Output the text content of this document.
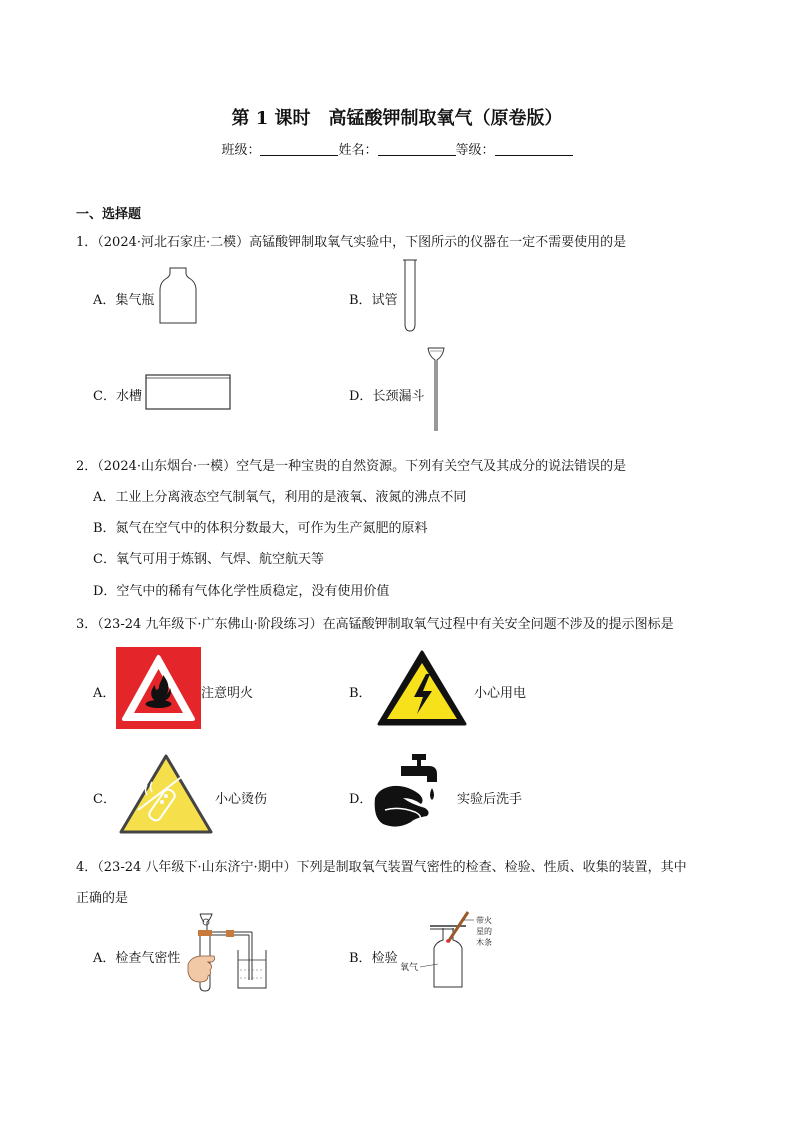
第 1 课时　高锰酸钾制取氧气（原卷版）
班级：	姓名：	等级：
一、选择题
1．（2024·河北石家庄·二模）高锰酸钾制取氧气实验中，下图所示的仪器在一定不需要使用的是
A．集气瓶	B．试管
C．水槽	D．长颈漏斗
2．（2024·山东烟台·一模）空气是一种宝贵的自然资源。下列有关空气及其成分的说法错误的是
A．工业上分离液态空气制氧气，利用的是液氧、液氮的沸点不同
B．氮气在空气中的体积分数最大，可作为生产氮肥的原料
C．氧气可用于炼钢、气焊、航空航天等
D．空气中的稀有气体化学性质稳定，没有使用价值
3．（23-24 九年级下·广东佛山·阶段练习）在高锰酸钾制取氧气过程中有关安全问题不涉及的提示图标是
A．	注意明火	B．	小心用电
C．	小心烫伤	D．	实验后洗手
4．（23-24 八年级下·山东济宁·期中）下列是制取氧气装置气密性的检查、检验、性质、收集的装置，其中
正确的是
A．检查气密性	B．检验
带火
星的
木条
氧气
